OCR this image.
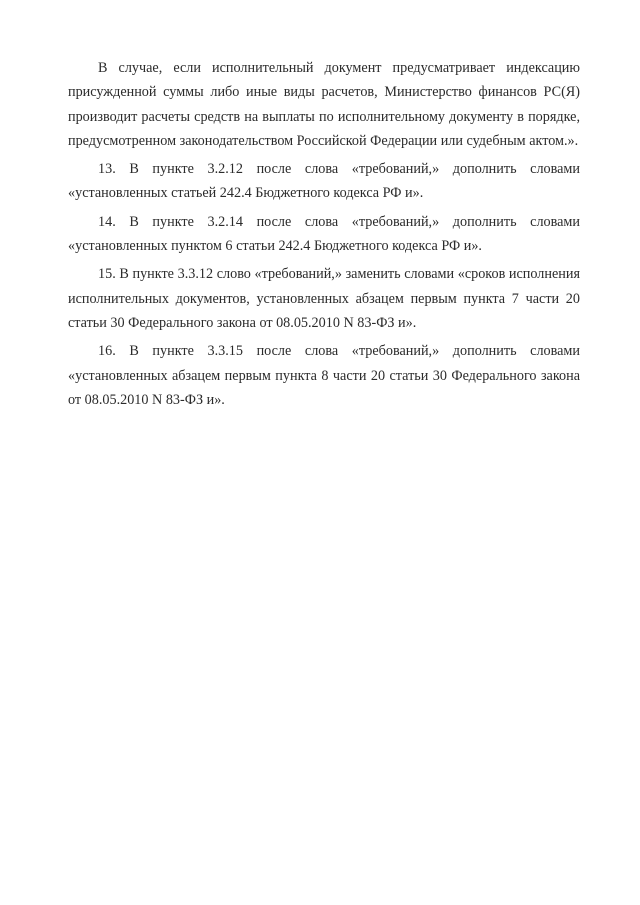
В случае, если исполнительный документ предусматривает индексацию присужденной суммы либо иные виды расчетов, Министерство финансов РС(Я) производит расчеты средств на выплаты по исполнительному документу в порядке, предусмотренном законодательством Российской Федерации или судебным актом.».

13. В пункте 3.2.12 после слова «требований,» дополнить словами «установленных статьей 242.4 Бюджетного кодекса РФ и».

14. В пункте 3.2.14 после слова «требований,» дополнить словами «установленных пунктом 6 статьи 242.4 Бюджетного кодекса РФ и».

15. В пункте 3.3.12 слово «требований,» заменить словами «сроков исполнения исполнительных документов, установленных абзацем первым пункта 7 части 20 статьи 30 Федерального закона от 08.05.2010 N 83-ФЗ и».

16. В пункте 3.3.15 после слова «требований,» дополнить словами «установленных абзацем первым пункта 8 части 20 статьи 30 Федерального закона от 08.05.2010 N 83-ФЗ и».
